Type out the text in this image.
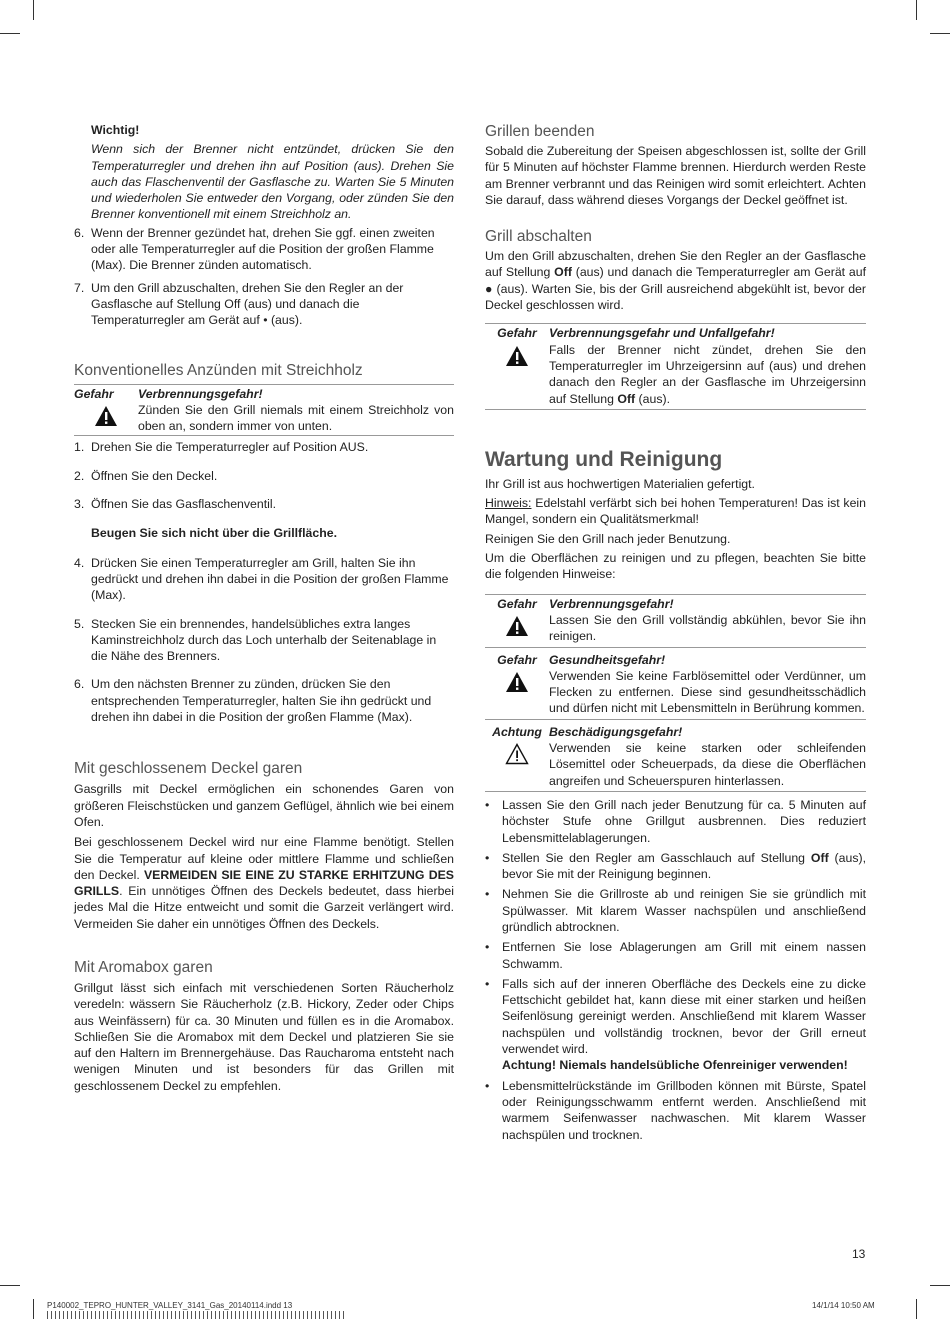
Wichtig!

Wenn sich der Brenner nicht entzündet, drücken Sie den Temperaturregler und drehen ihn auf Position (aus). Drehen Sie auch das Flaschenventil der Gasflasche zu. Warten Sie 5 Minuten und wiederholen Sie entweder den Vorgang, oder zünden Sie den Brenner konventionell mit einem Streichholz an.

6. Wenn der Brenner gezündet hat, drehen Sie ggf. einen zweiten oder alle Temperaturregler auf die Position der großen Flamme (Max). Die Brenner zünden automatisch.
7. Um den Grill abzuschalten, drehen Sie den Regler an der Gasflasche auf Stellung Off (aus) und danach die Temperaturregler am Gerät auf • (aus).
Konventionelles Anzünden mit Streichholz
Gefahr	Verbrennungsgefahr!
Zünden Sie den Grill niemals mit einem Streichholz von oben an, sondern immer von unten.
1. Drehen Sie die Temperaturregler auf Position AUS.
2. Öffnen Sie den Deckel.
3. Öffnen Sie das Gasflaschenventil.

Beugen Sie sich nicht über die Grillfläche.

4. Drücken Sie einen Temperaturregler am Grill, halten Sie ihn gedrückt und drehen ihn dabei in die Position der großen Flamme (Max).
5. Stecken Sie ein brennendes, handelsübliches extra langes Kaminstreichholz durch das Loch unterhalb der Seitenablage in die Nähe des Brenners.
6. Um den nächsten Brenner zu zünden, drücken Sie den entsprechenden Temperaturregler, halten Sie ihn gedrückt und drehen ihn dabei in die Position der großen Flamme (Max).
Mit geschlossenem Deckel garen

Gasgrills mit Deckel ermöglichen ein schonendes Garen von größeren Fleischstücken und ganzem Geflügel, ähnlich wie bei einem Ofen.

Bei geschlossenem Deckel wird nur eine Flamme benötigt. Stellen Sie die Temperatur auf kleine oder mittlere Flamme und schließen den Deckel. VERMEIDEN SIE EINE ZU STARKE ERHITZUNG DES GRILLS. Ein unnötiges Öffnen des Deckels bedeutet, dass hierbei jedes Mal die Hitze entweicht und somit die Garzeit verlängert wird. Vermeiden Sie daher ein unnötiges Öffnen des Deckels.

Mit Aromabox garen

Grillgut lässt sich einfach mit verschiedenen Sorten Räucherholz veredeln: wässern Sie Räucherholz (z.B. Hickory, Zeder oder Chips aus Weinfässern) für ca. 30 Minuten und füllen es in die Aromabox. Schließen Sie die Aromabox mit dem Deckel und platzieren Sie sie auf den Haltern im Brennergehäuse. Das Raucharoma entsteht nach wenigen Minuten und ist besonders für das Grillen mit geschlossenem Deckel zu empfehlen.

Grillen beenden

Sobald die Zubereitung der Speisen abgeschlossen ist, sollte der Grill für 5 Minuten auf höchster Flamme brennen. Hierdurch werden Reste am Brenner verbrannt und das Reinigen wird somit erleichtert. Achten Sie darauf, dass während dieses Vorgangs der Deckel geöffnet ist.

Grill abschalten

Um den Grill abzuschalten, drehen Sie den Regler an der Gasflasche auf Stellung Off (aus) und danach die Temperaturregler am Gerät auf ● (aus). Warten Sie, bis der Grill ausreichend abgekühlt ist, bevor der Deckel geschlossen wird.

Gefahr Verbrennungsgefahr und Unfallgefahr!
Falls der Brenner nicht zündet, drehen Sie den Temperaturregler im Uhrzeigersinn auf (aus) und drehen danach den Regler an der Gasflasche im Uhrzeigersinn auf Stellung Off (aus).
Wartung und Reinigung

Ihr Grill ist aus hochwertigen Materialien gefertigt.

Hinweis: Edelstahl verfärbt sich bei hohen Temperaturen! Das ist kein Mangel, sondern ein Qualitätsmerkmal!

Reinigen Sie den Grill nach jeder Benutzung.

Um die Oberflächen zu reinigen und zu pflegen, beachten Sie bitte die folgenden Hinweise:

Gefahr Verbrennungsgefahr!
Lassen Sie den Grill vollständig abkühlen, bevor Sie ihn reinigen.
Gefahr Gesundheitsgefahr!
Verwenden Sie keine Farblösemittel oder Verdünner, um Flecken zu entfernen. Diese sind gesundheitsschädlich und dürfen nicht mit Lebensmitteln in Berührung kommen.
Achtung Beschädigungsgefahr!
Verwenden sie keine starken oder schleifenden Lösemittel oder Scheuerpads, da diese die Oberflächen angreifen und Scheuerspuren hinterlassen.
•	Lassen Sie den Grill nach jeder Benutzung für ca. 5 Minuten auf höchster Stufe ohne Grillgut ausbrennen. Dies reduziert Lebensmittelablagerungen.
•	Stellen Sie den Regler am Gasschlauch auf Stellung Off (aus), bevor Sie mit der Reinigung beginnen.
•	Nehmen Sie die Grillroste ab und reinigen Sie sie gründlich mit Spülwasser. Mit klarem Wasser nachspülen und anschließend gründlich abtrocknen.
•	Entfernen Sie lose Ablagerungen am Grill mit einem nassen Schwamm.
•	Falls sich auf der inneren Oberfläche des Deckels eine zu dicke Fettschicht gebildet hat, kann diese mit einer starken und heißen Seifenlösung gereinigt werden. Anschließend mit klarem Wasser nachspülen und vollständig trocknen, bevor der Grill erneut verwendet wird.
Achtung! Niemals handelsübliche Ofenreiniger verwenden!
•	Lebensmittelrückstände im Grillboden können mit Bürste, Spatel oder Reinigungsschwamm entfernt werden. Anschließend mit warmem Seifenwasser nachwaschen. Mit klarem Wasser nachspülen und trocknen.
13
P140002_TEPRO_HUNTER_VALLEY_3141_Gas_20140114.indd 13	14/1/14 10:50 AM
